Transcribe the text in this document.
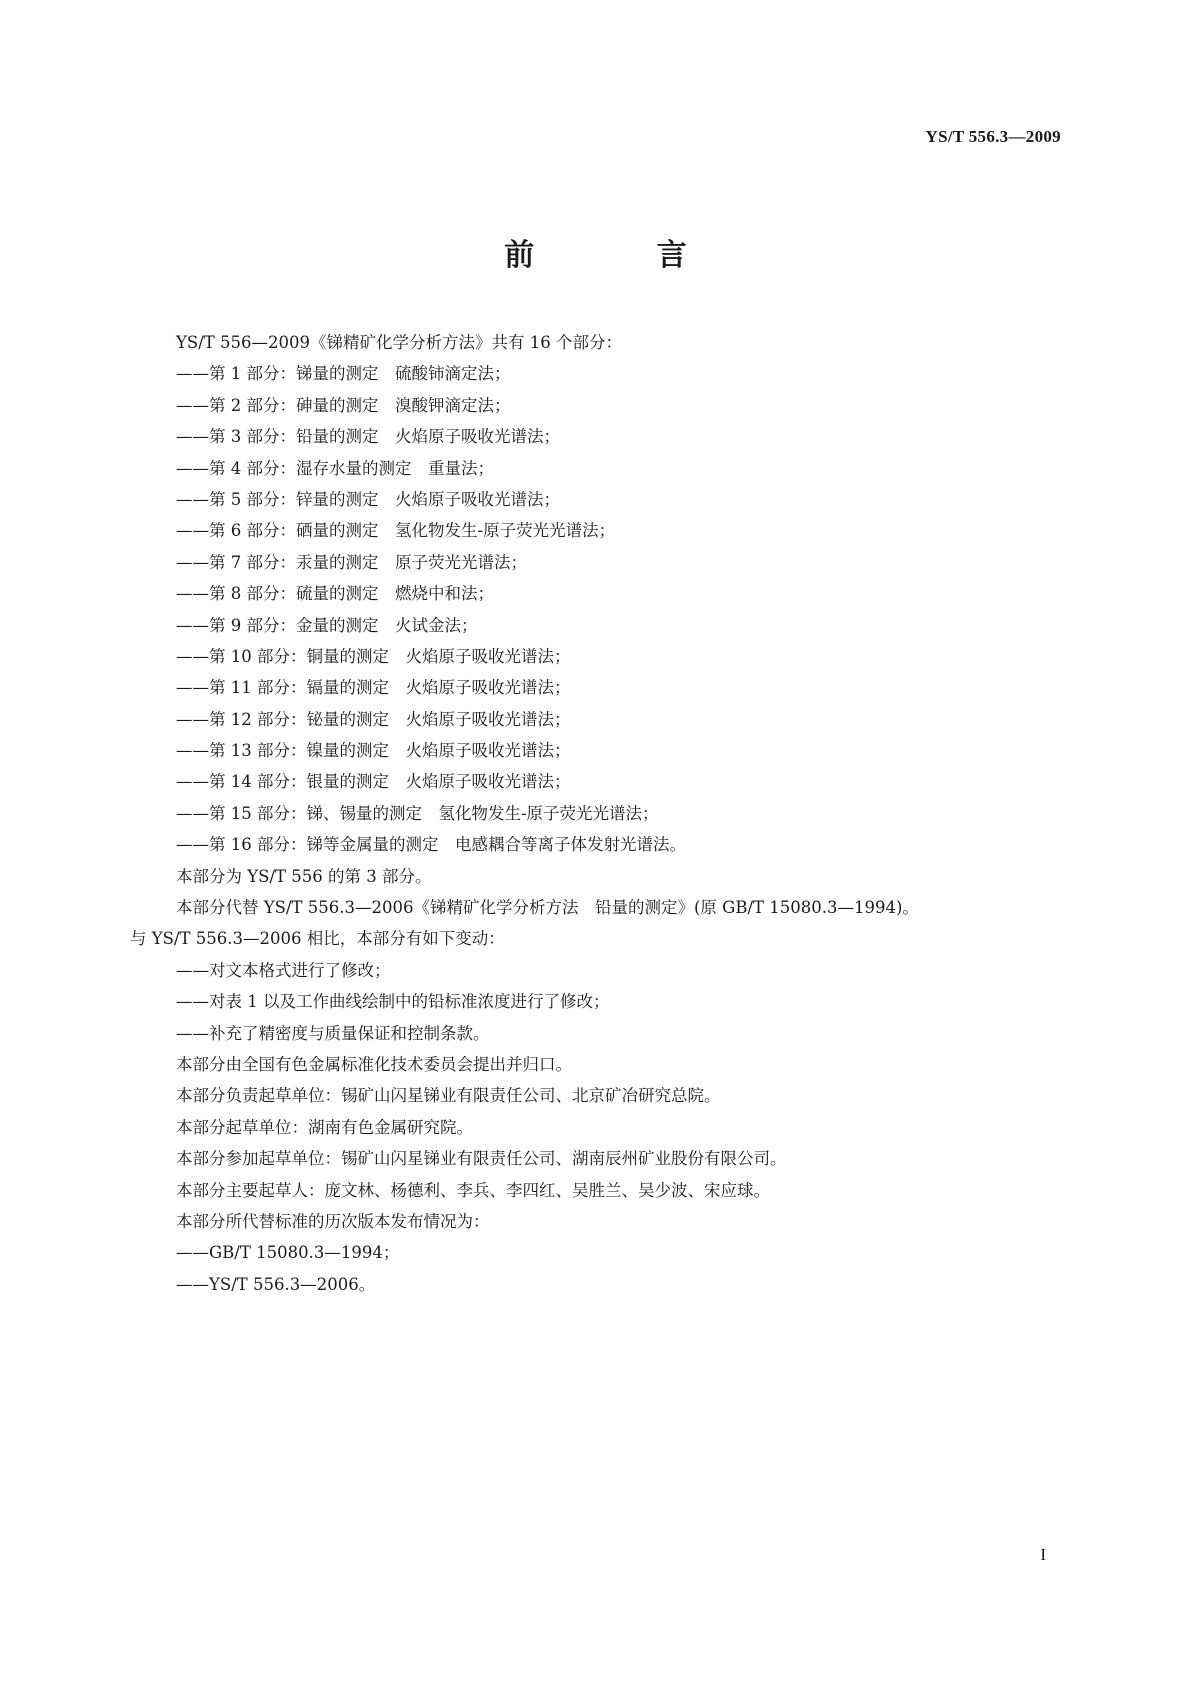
YS/T 556.3—2009
前 言
YS/T 556—2009《锑精矿化学分析方法》共有 16 个部分：
——第 1 部分：锑量的测定　硫酸铈滴定法；
——第 2 部分：砷量的测定　溴酸钾滴定法；
——第 3 部分：铅量的测定　火焰原子吸收光谱法；
——第 4 部分：湿存水量的测定　重量法；
——第 5 部分：锌量的测定　火焰原子吸收光谱法；
——第 6 部分：硒量的测定　氢化物发生-原子荧光光谱法；
——第 7 部分：汞量的测定　原子荧光光谱法；
——第 8 部分：硫量的测定　燃烧中和法；
——第 9 部分：金量的测定　火试金法；
——第 10 部分：铜量的测定　火焰原子吸收光谱法；
——第 11 部分：镉量的测定　火焰原子吸收光谱法；
——第 12 部分：铋量的测定　火焰原子吸收光谱法；
——第 13 部分：镍量的测定　火焰原子吸收光谱法；
——第 14 部分：银量的测定　火焰原子吸收光谱法；
——第 15 部分：锑、锡量的测定　氢化物发生-原子荧光光谱法；
——第 16 部分：锑等金属量的测定　电感耦合等离子体发射光谱法。
本部分为 YS/T 556 的第 3 部分。
本部分代替 YS/T 556.3—2006《锑精矿化学分析方法　铅量的测定》(原 GB/T 15080.3—1994)。
与 YS/T 556.3—2006 相比，本部分有如下变动：
——对文本格式进行了修改；
——对表 1 以及工作曲线绘制中的铅标准浓度进行了修改；
——补充了精密度与质量保证和控制条款。
本部分由全国有色金属标准化技术委员会提出并归口。
本部分负责起草单位：锡矿山闪星锑业有限责任公司、北京矿冶研究总院。
本部分起草单位：湖南有色金属研究院。
本部分参加起草单位：锡矿山闪星锑业有限责任公司、湖南辰州矿业股份有限公司。
本部分主要起草人：庞文林、杨德利、李兵、李四红、吴胜兰、吴少波、宋应球。
本部分所代替标准的历次版本发布情况为：
——GB/T 15080.3—1994；
——YS/T 556.3—2006。
I
